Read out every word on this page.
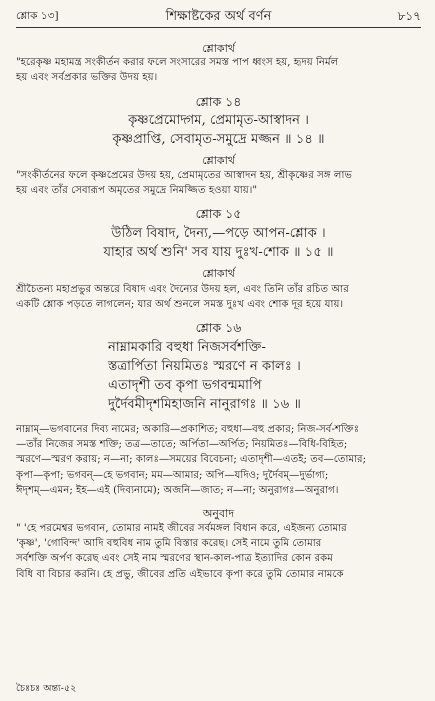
শ্লোক ১৩]	শিক্ষাষ্টকের অর্থ বর্ণন	৮১৭
শ্লোকার্থ
"হরেকৃষ্ণ মহামন্ত্র সংকীর্তন করার ফলে সংসারের সমস্ত পাপ ধ্বংস হয়, হৃদয় নির্মল
হয় এবং সর্বপ্রকার ভক্তির উদয় হয়।
শ্লোক ১৪
কৃষ্ণপ্রেমোদ্গম, প্রেমামৃত-আস্বাদন ।
কৃষ্ণপ্রাপ্তি, সেবামৃত-সমুদ্রে মজ্জন ॥ ১৪ ॥
শ্লোকার্থ
"সংকীর্তনের ফলে কৃষ্ণপ্রেমের উদয় হয়, প্রেমামৃতের আস্বাদন হয়, শ্রীকৃষ্ণের সঙ্গ লাভ
হয় এবং তাঁর সেবারূপ অমৃতের সমুদ্রে নিমজ্জিত হওয়া যায়।"
শ্লোক ১৫
উঠিল বিষাদ, দৈন্য,—পড়ে আপন-শ্লোক ।
যাহার অর্থ শুনি' সব যায় দুঃখ-শোক ॥ ১৫ ॥
শ্লোকার্থ
শ্রীচৈতন্য মহাপ্রভুর অন্তরে বিষাদ এবং দৈন্যের উদয় হল, এবং তিনি তাঁর রচিত আর
একটি শ্লোক পড়তে লাগলেন; যার অর্থ শুনলে সমস্ত দুঃখ এবং শোক দূর হয়ে যায়।
শ্লোক ১৬
নাম্নামকারি বহুধা নিজসর্বশক্তি-
স্তত্রার্পিতা নিয়মিতঃ স্মরণে ন কালঃ ।
এতাদৃশী তব কৃপা ভগবন্মমাপি
দুর্দৈবমীদৃশমিহাজনি নানুরাগঃ ॥ ১৬ ॥
নাম্নাম্—ভগবানের দিব্য নামের; অকারি—প্রকাশিত; বহুধা—বহু প্রকার; নিজ-সর্ব-শক্তিঃ
—তাঁর নিজের সমস্ত শক্তি; তত্র—তাতে; অর্পিতা—অর্পিত; নিয়মিতঃ—বিধি-বিহিত;
স্মরণে—স্মরণ করায়; ন—না; কালঃ—সময়ের বিবেচনা; এতাদৃশী—এতই; তব—তোমার;
কৃপা—কৃপা; ভগবন্—হে ভগবান; মম—আমার; অপি—যদিও; দুর্দৈবম্—দুর্ভাগ্য;
ঈদৃশম্—এমন; ইহ—এই (দিব্যনামে); অজনি—জাত; ন—না; অনুরাগঃ—অনুরাগ।
অনুবাদ
" 'হে পরমেশ্বর ভগবান, তোমার নামই জীবের সর্বমঙ্গল বিধান করে, এইজন্য তোমার
'কৃষ্ণ', 'গোবিন্দ' আদি বহুবিধ নাম তুমি বিস্তার করেছ। সেই নামে তুমি তোমার
সর্বশক্তি অর্পণ করেছ এবং সেই নাম স্মরণের স্থান-কাল-পাত্র ইত্যাদির কোন রকম
বিধি বা বিচার করনি। হে প্রভু, জীবের প্রতি এইভাবে কৃপা করে তুমি তোমার নামকে
চৈঃচঃ অন্ত্য-৫২
